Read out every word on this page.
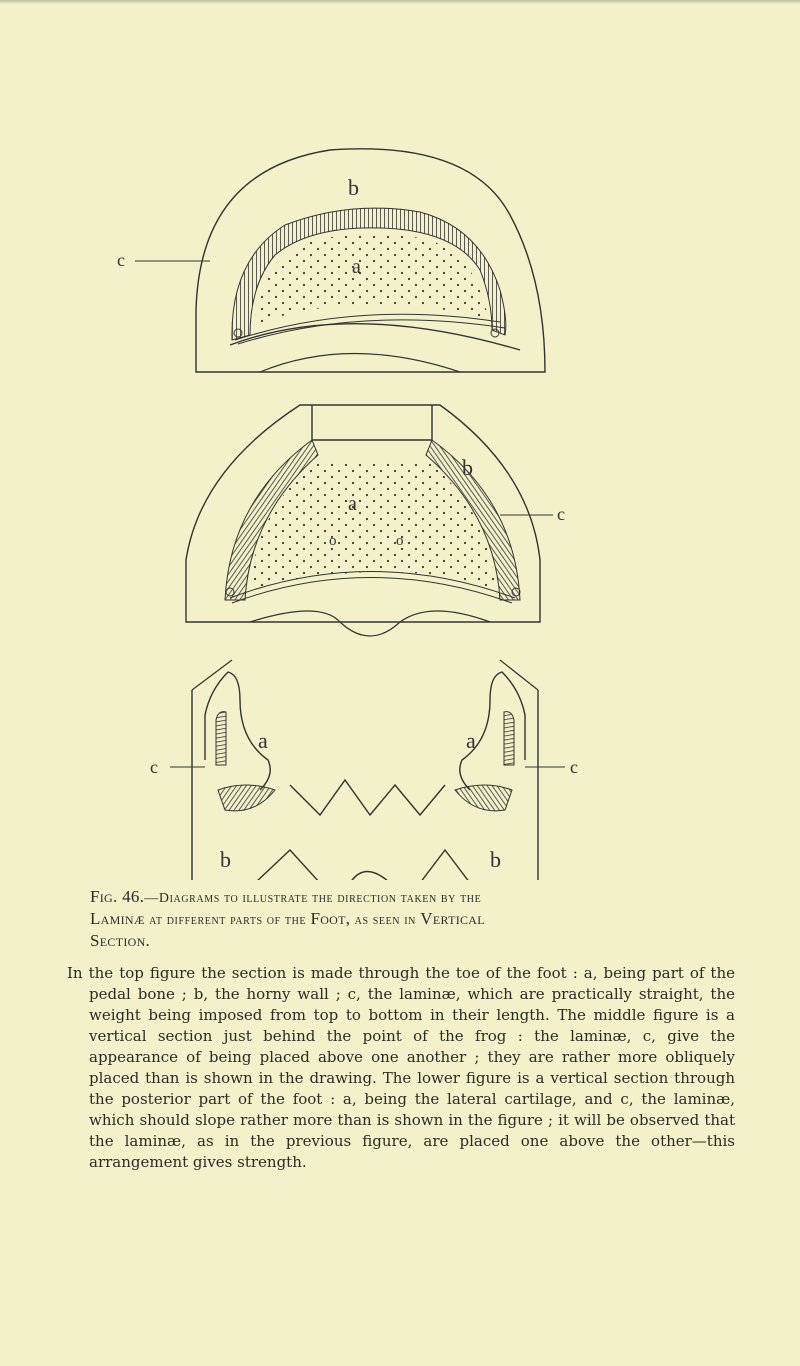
b
a
c
b
a
o	o
c
a	a
b	b
c	c
Fig. 46.—Diagrams to illustrate the direction taken by the
Laminæ at different parts of the Foot, as seen in Vertical
Section.

In the top figure the section is made through the toe of the foot : a, being part of the pedal bone ; b, the horny wall ; c, the laminæ, which are practically straight, the weight being imposed from top to bottom in their length. The middle figure is a vertical section just behind the point of the frog : the laminæ, c, give the appearance of being placed above one another ; they are rather more obliquely placed than is shown in the drawing. The lower figure is a vertical section through the posterior part of the foot : a, being the lateral cartilage, and c, the laminæ, which should slope rather more than is shown in the figure ; it will be observed that the laminæ, as in the previous figure, are placed one above the other—this arrangement gives strength.
